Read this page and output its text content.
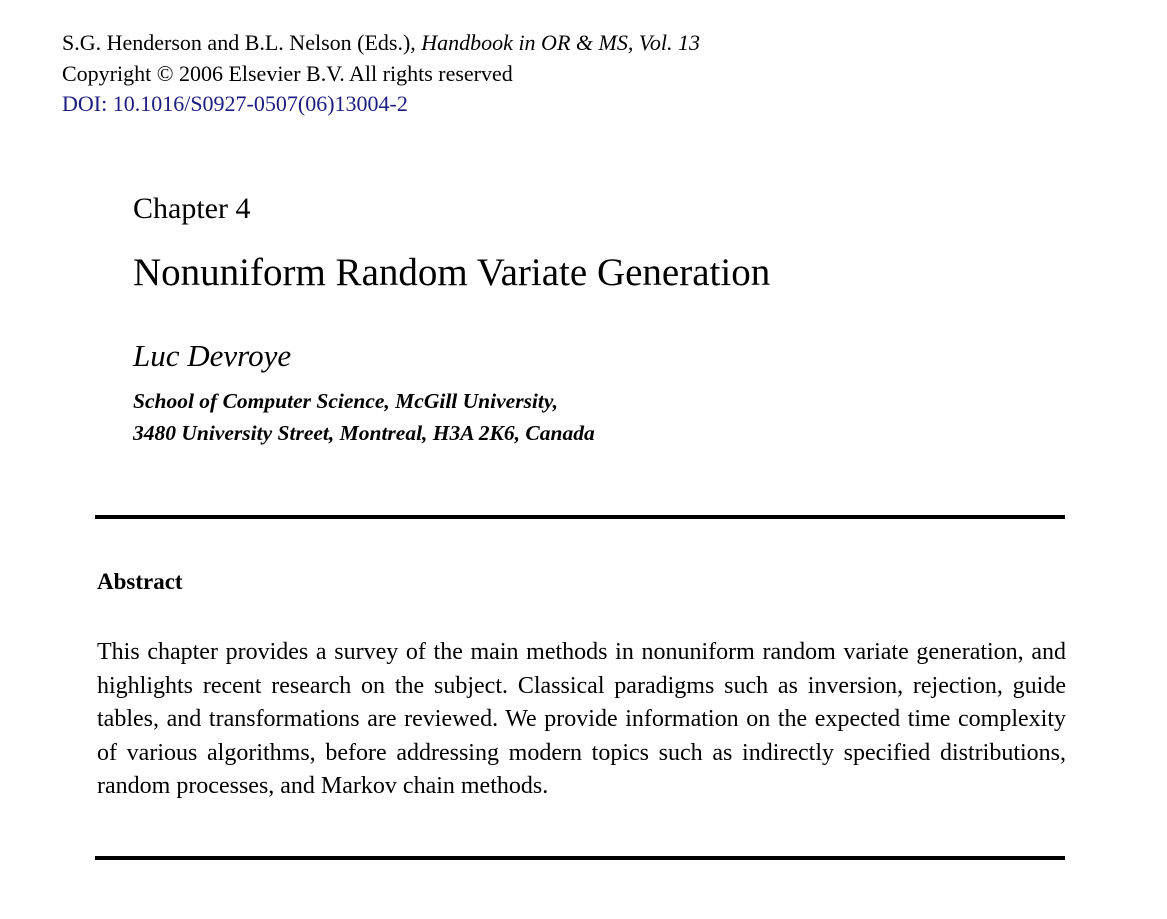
S.G. Henderson and B.L. Nelson (Eds.), Handbook in OR & MS, Vol. 13
Copyright © 2006 Elsevier B.V. All rights reserved
DOI: 10.1016/S0927-0507(06)13004-2
Chapter 4
Nonuniform Random Variate Generation
Luc Devroye
School of Computer Science, McGill University,
3480 University Street, Montreal, H3A 2K6, Canada
Abstract
This chapter provides a survey of the main methods in nonuniform random variate generation, and highlights recent research on the subject. Classical paradigms such as inversion, rejection, guide tables, and transformations are reviewed. We provide information on the expected time complexity of various algorithms, before addressing modern topics such as indirectly specified distributions, random processes, and Markov chain methods.
